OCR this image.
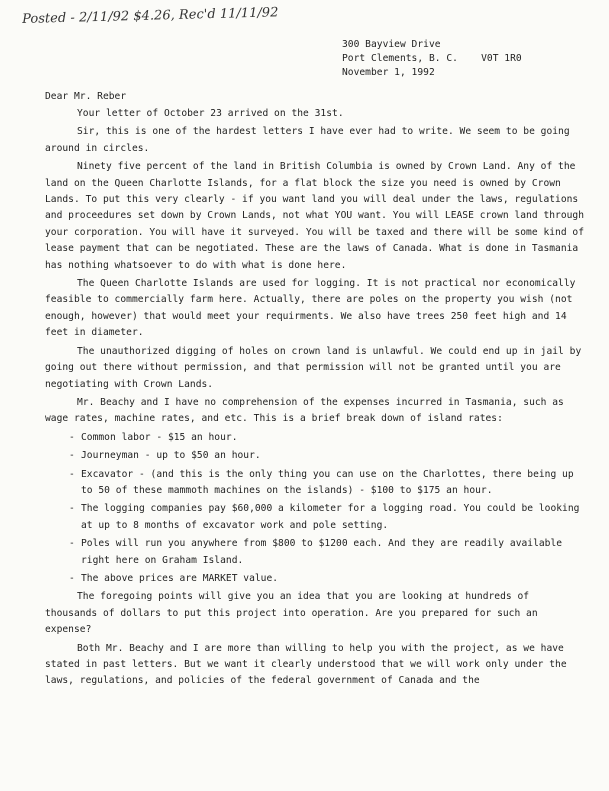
Posted - 2/11/92 $4.26, Rec'd 11/11/92
300 Bayview Drive
Port Clements, B. C.    V0T 1R0
November 1, 1992
Dear Mr. Reber

Your letter of October 23 arrived on the 31st.

Sir, this is one of the hardest letters I have ever had to write. We seem to be going around in circles.

Ninety five percent of the land in British Columbia is owned by Crown Land. Any of the land on the Queen Charlotte Islands, for a flat block the size you need is owned by Crown Lands. To put this very clearly - if you want land you will deal under the laws, regulations and proceedures set down by Crown Lands, not what YOU want. You will LEASE crown land through your corporation. You will have it surveyed. You will be taxed and there will be some kind of lease payment that can be negotiated. These are the laws of Canada. What is done in Tasmania has nothing whatsoever to do with what is done here.

The Queen Charlotte Islands are used for logging. It is not practical nor economically feasible to commercially farm here. Actually, there are poles on the property you wish (not enough, however) that would meet your requirments. We also have trees 250 feet high and 14 feet in diameter.

The unauthorized digging of holes on crown land is unlawful. We could end up in jail by going out there without permission, and that permission will not be granted until you are negotiating with Crown Lands.

Mr. Beachy and I have no comprehension of the expenses incurred in Tasmania, such as wage rates, machine rates, and etc. This is a brief break down of island rates:

- Common labor - $15 an hour.
- Journeyman - up to $50 an hour.
- Excavator - (and this is the only thing you can use on the Charlottes, there being up to 50 of these mammoth machines on the islands) - $100 to $175 an hour.
- The logging companies pay $60,000 a kilometer for a logging road. You could be looking at up to 8 months of excavator work and pole setting.
- Poles will run you anywhere from $800 to $1200 each. And they are readily available right here on Graham Island.
- The above prices are MARKET value.

The foregoing points will give you an idea that you are looking at hundreds of thousands of dollars to put this project into operation. Are you prepared for such an expense?

Both Mr. Beachy and I are more than willing to help you with the project, as we have stated in past letters. But we want it clearly understood that we will work only under the laws, regulations, and policies of the federal government of Canada and the
